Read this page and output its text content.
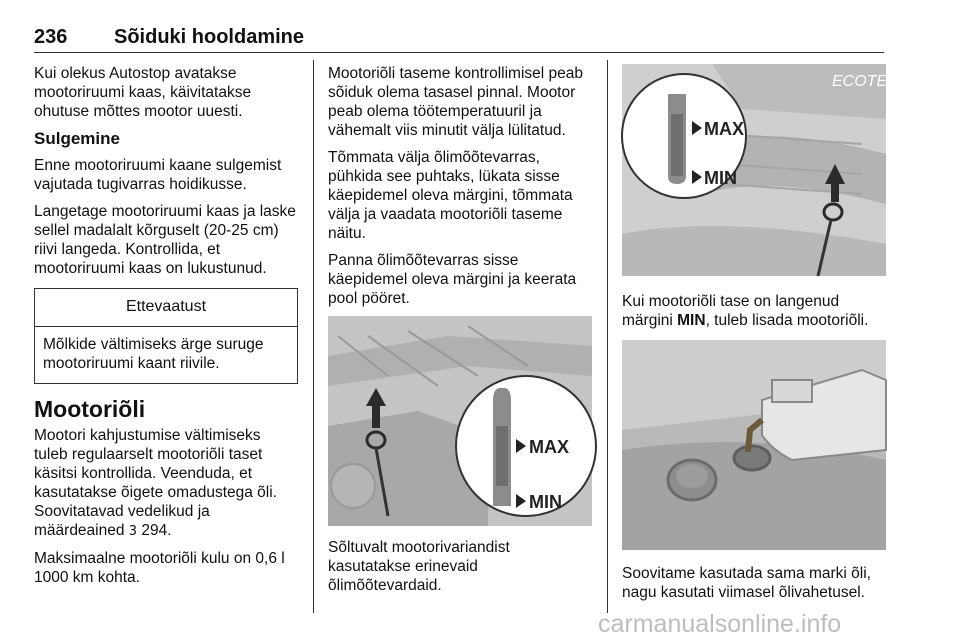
236 Sõiduki hooldamine

Kui olekus Autostop avatakse mootoriruumi kaas, käivitatakse ohutuse mõttes mootor uuesti.

Sulgemine

Enne mootoriruumi kaane sulgemist vajutada tugivarras hoidikusse.

Langetage mootoriruumi kaas ja laske sellel madalalt kõrguselt (20-25 cm) riivi langeda. Kontrollida, et mootoriruumi kaas on lukustunud.

Ettevaatust
Mõlkide vältimiseks ärge suruge mootoriruumi kaant riivile.
Mootoriõli

Mootori kahjustumise vältimiseks tuleb regulaarselt mootoriõli taset käsitsi kontrollida. Veenduda, et kasutatakse õigete omadustega õli. Soovitatavad vedelikud ja määrdeained 3 294.

Maksimaalne mootoriõli kulu on 0,6 l 1000 km kohta.

Mootoriõli taseme kontrollimisel peab sõiduk olema tasasel pinnal. Mootor peab olema töötemperatuuril ja vähemalt viis minutit välja lülitatud.

Tõmmata välja õlimõõtevarras, pühkida see puhtaks, lükata sisse käepidemel oleva märgini, tõmmata välja ja vaadata mootoriõli taseme näitu.

Panna õlimõõtevarras sisse käepidemel oleva märgini ja keerata pool pööret.

MAX
MIN

Sõltuvalt mootorivariandist kasutatakse erinevaid õlimõõtevardaid.

ECOTEC
MAX
MIN

Kui mootoriõli tase on langenud märgini MIN, tuleb lisada mootoriõli.

Soovitame kasutada sama marki õli, nagu kasutati viimasel õlivahetusel.

carmanualsonline.info
